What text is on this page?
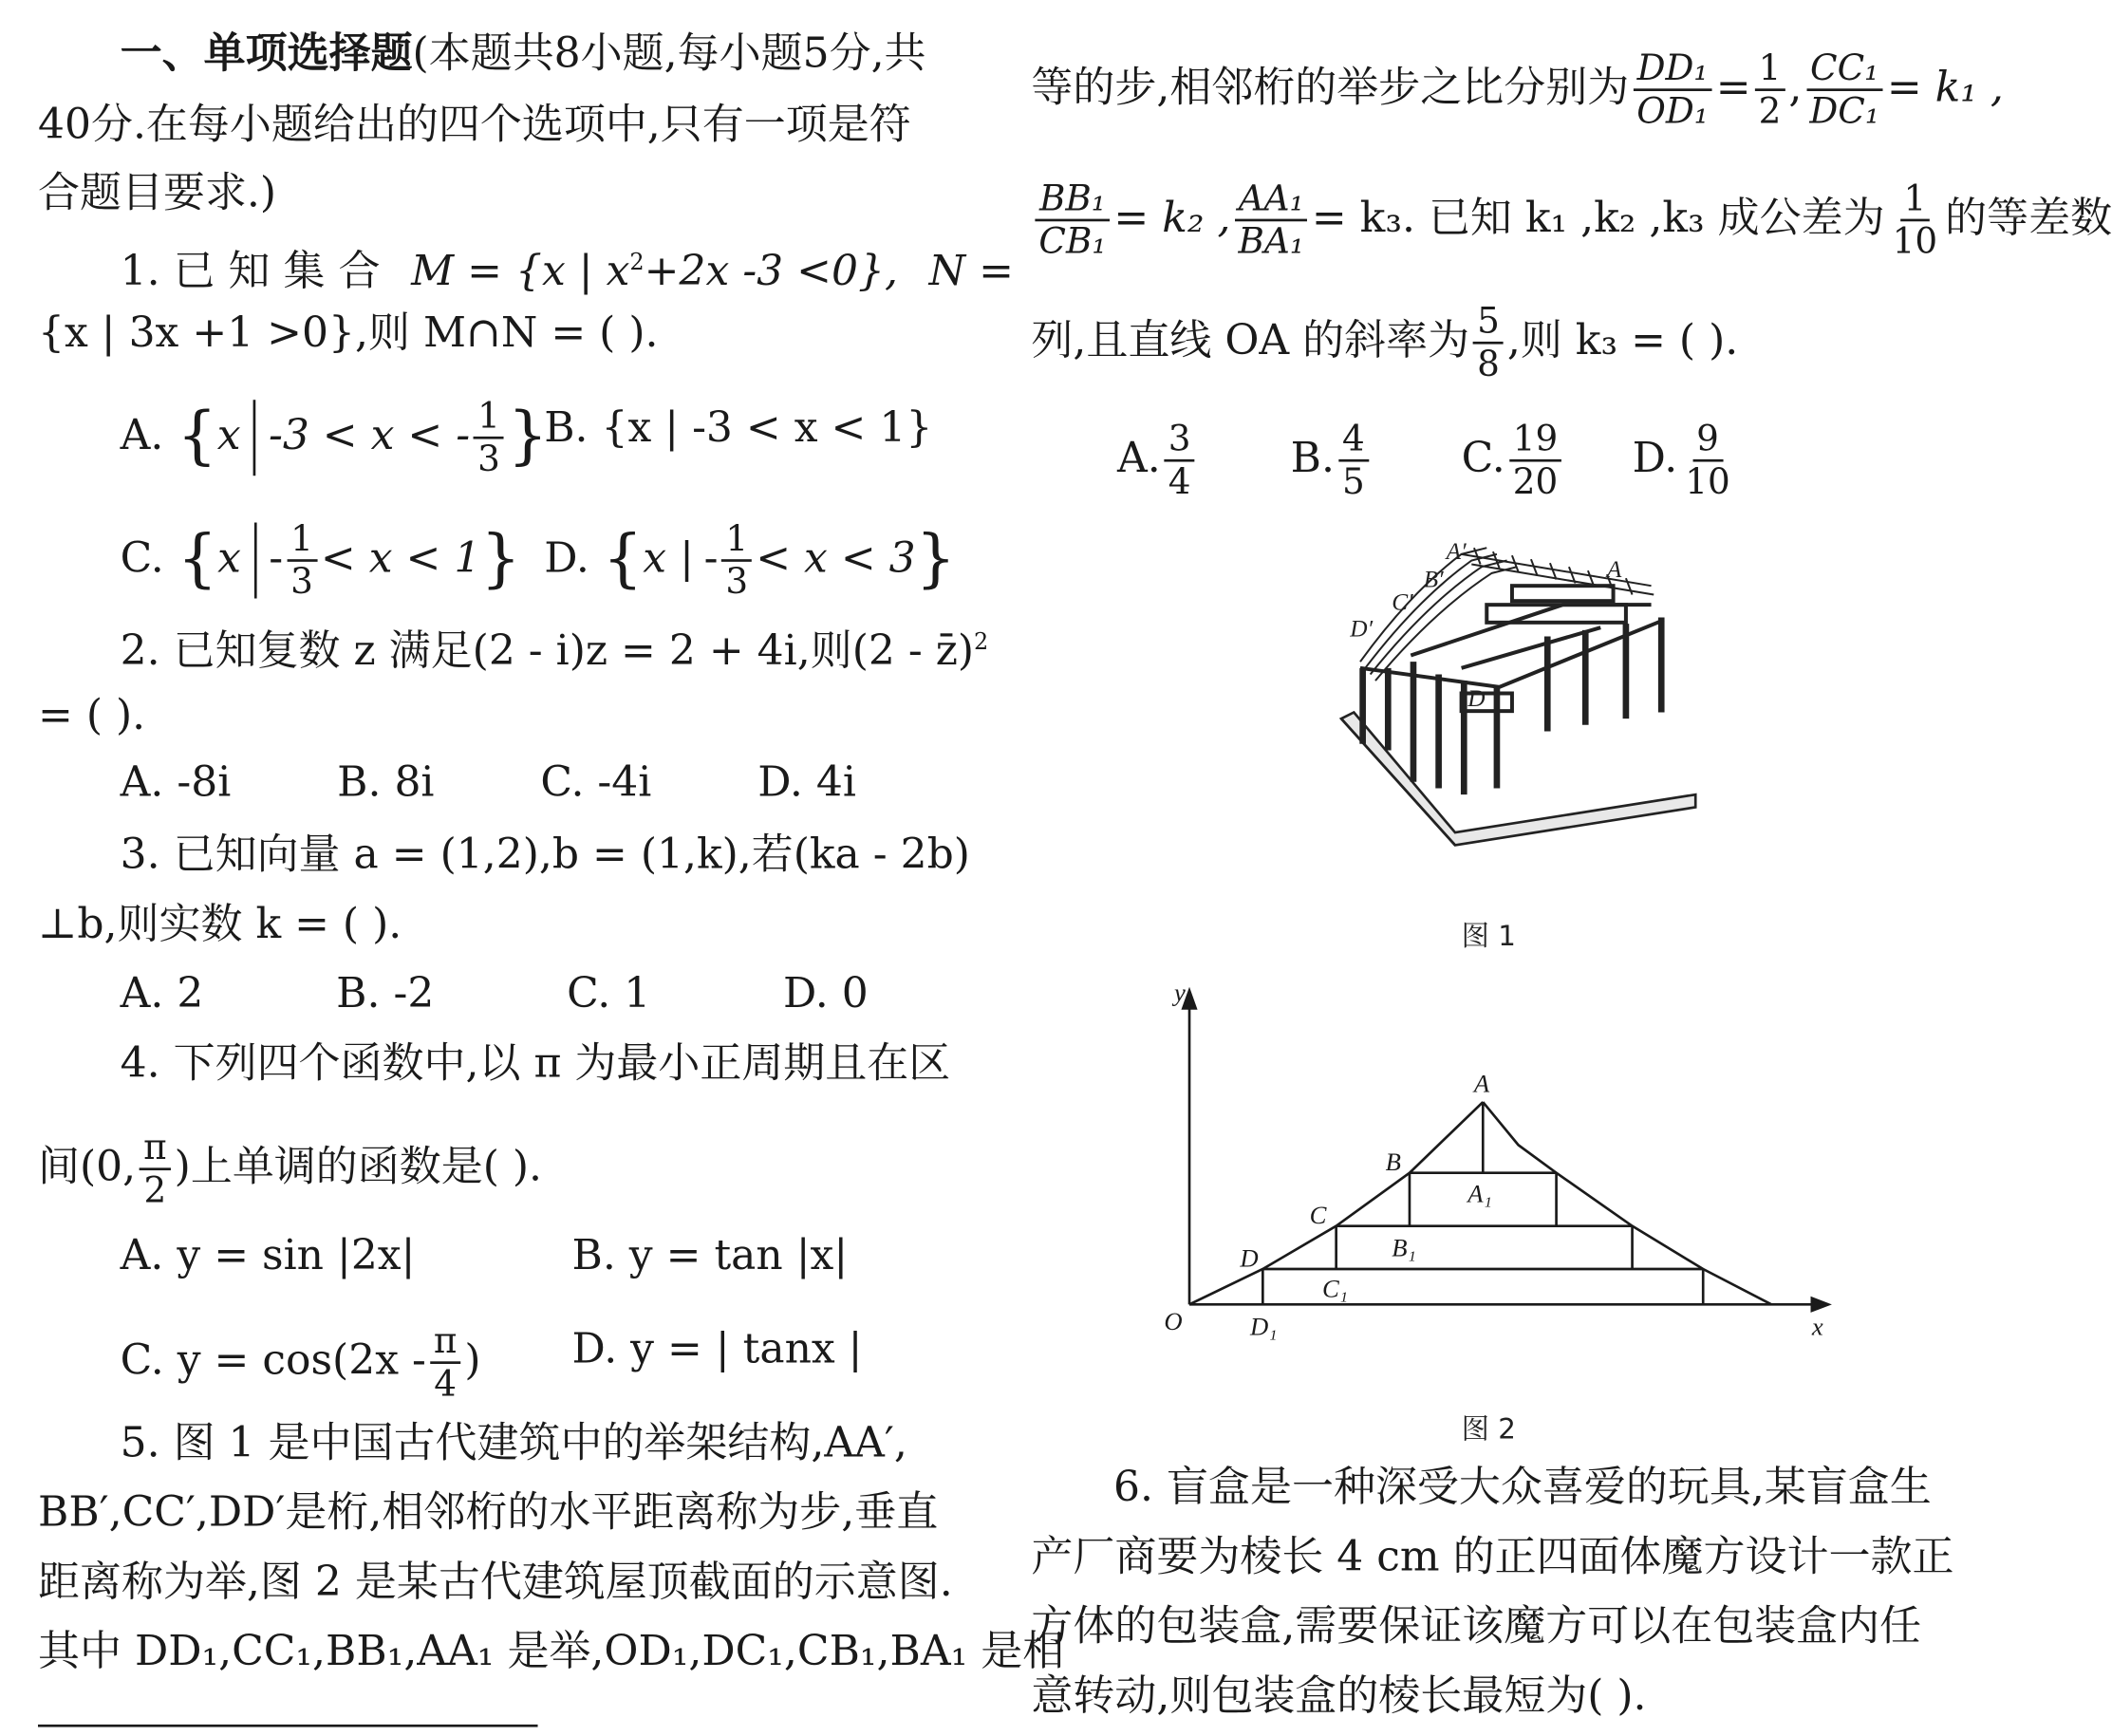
一、单项选择题(本题共8小题,每小题5分,共
40分.在每小题给出的四个选项中,只有一项是符
合题目要求.)
1. 已 知 集 合 M = {x | $x^2+2x$ -3 <0}, N =
{x | 3x +1 >0},则 M∩N = ( ).
A. {x -3 < x < - $\frac{1}{3}$ }
B. {x | -3 < x < 1}
C. $\{x - \frac{1}{3} < x < 1\}$ D. {x | - $\frac{1}{3} < x < 3$}
2. 已知复数 z 满足(2 - i)z = 2 + 4i,则(2 - z̄)$^2$
= ( ).
A. -8i        B. 8i        C. -4i        D. 4i
3. 已知向量 a = (1,2),b = (1,k),若(ka - 2b)
⊥b,则实数 k = ( ).
A. 2          B. -2          C. 1          D. 0
4. 下列四个函数中,以 π 为最小正周期且在区
间(0, $\frac{\pi}{2}$ )上单调的函数是( ).
A. y = sin |2x|	B. y = tan |x|
C. $y = \cos(2x - \frac{\pi}{4}$ )	D. y = | tanx |
5. 图 1 是中国古代建筑中的举架结构,AA′,
BB′,CC′,DD′是桁,相邻桁的水平距离称为步,垂直
距离称为举,图 2 是某古代建筑屋顶截面的示意图.
其中 DD₁,CC₁,BB₁,AA₁ 是举,OD₁,DC₁,CB₁,BA₁ 是相
等的步,相邻桁的举步之比分别为 $\frac{\text{DD₁}}{\text{OD₁}} = \frac{1}{2}$ , $\frac{\text{CC₁}}{\text{DC₁}} = k_1$ ,
$\frac{\text{BB₁}}{\text{CB₁}} = k_2$ , $\frac{\text{AA₁}}{\text{BA₁}} = k_3$. 已知 k₁ ,k₂ ,k₃ 成公差为 $\frac{1}{10}$ 的等差数
列,且直线 OA 的斜率为 $\frac{5}{8}$ ,则 k₃ = ( ).
A. $\frac{3}{4}$	B. $\frac{4}{5}$	C. $\frac{19}{20} D$. $\frac{9}{10}$
A′
B′
C′
D′
A
D
图 1
y
x
O
A
B
C
D
A₁
B₁
C₁
D₁
图 2
6. 盲盒是一种深受大众喜爱的玩具,某盲盒生
产厂商要为棱长 4 cm 的正四面体魔方设计一款正
方体的包装盒,需要保证该魔方可以在包装盒内任
意转动,则包装盒的棱长最短为( ).
